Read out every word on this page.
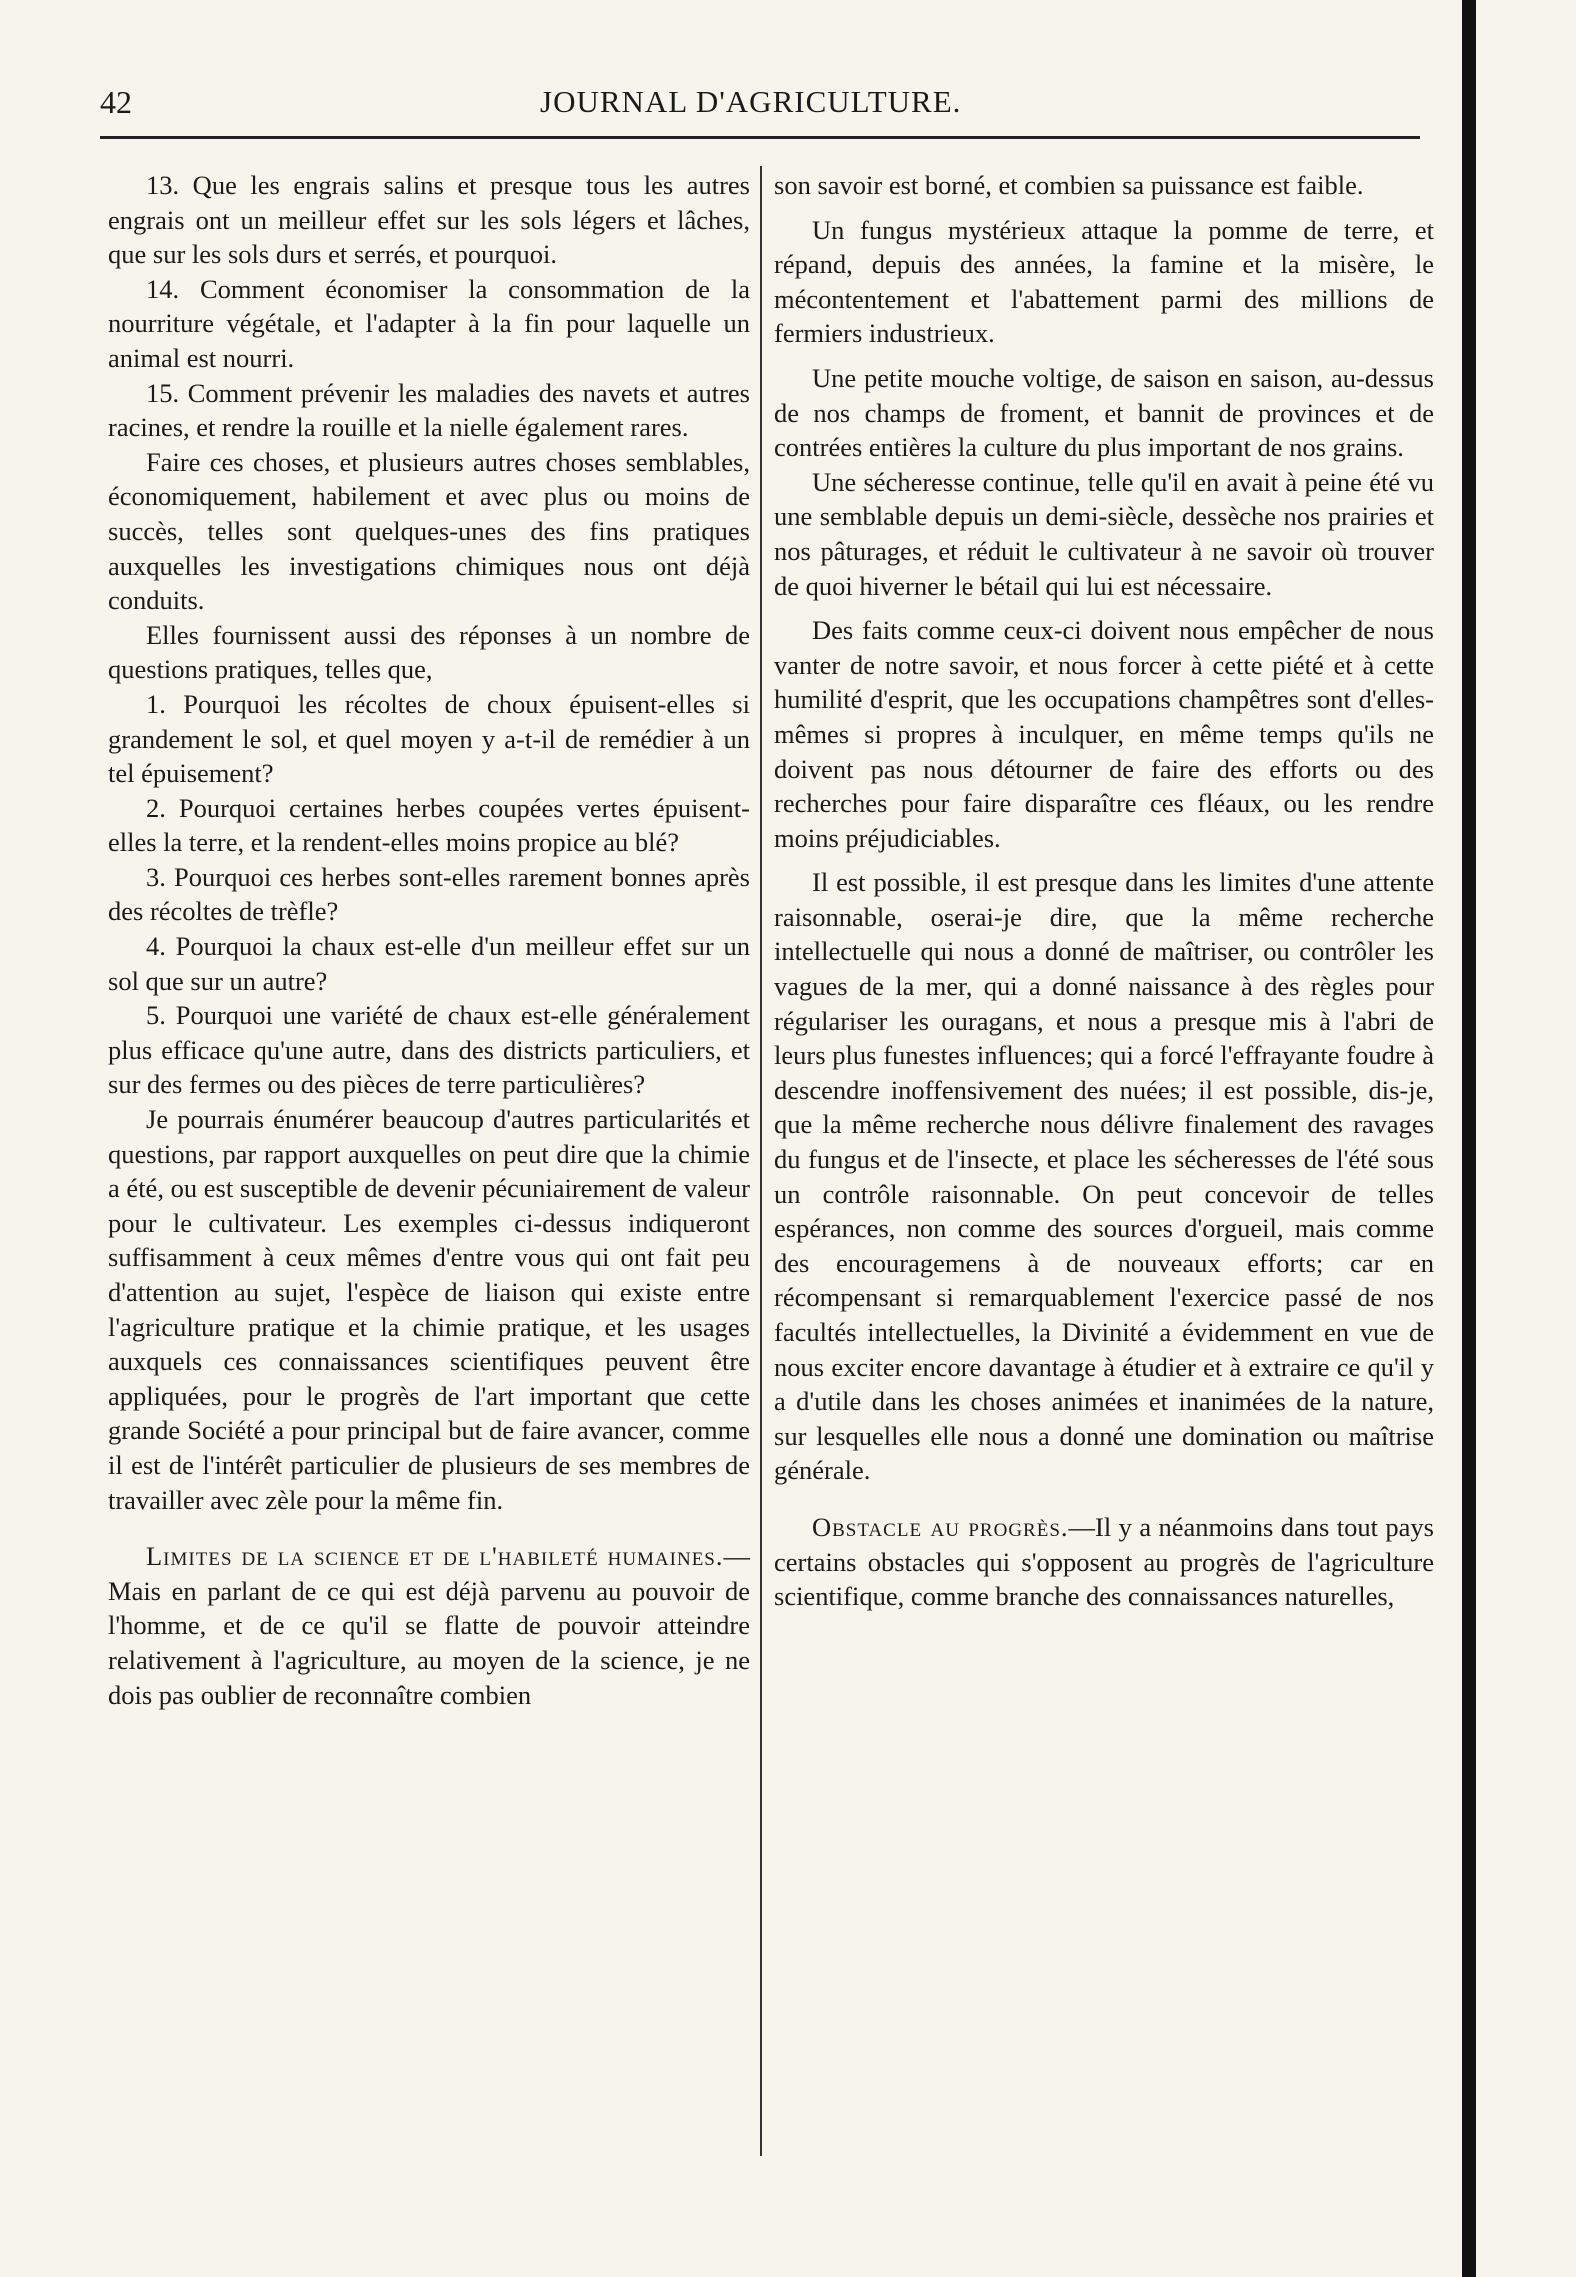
42	JOURNAL D'AGRICULTURE.

13. Que les engrais salins et presque tous les autres engrais ont un meilleur effet sur les sols légers et lâches, que sur les sols durs et serrés, et pourquoi.

14. Comment économiser la consommation de la nourriture végétale, et l'adapter à la fin pour laquelle un animal est nourri.

15. Comment prévenir les maladies des navets et autres racines, et rendre la rouille et la nielle également rares.

Faire ces choses, et plusieurs autres choses semblables, économiquement, habilement et avec plus ou moins de succès, telles sont quelques-unes des fins pratiques auxquelles les investigations chimiques nous ont déjà conduits.

Elles fournissent aussi des réponses à un nombre de questions pratiques, telles que,

1. Pourquoi les récoltes de choux épuisent-elles si grandement le sol, et quel moyen y a-t-il de remédier à un tel épuisement?

2. Pourquoi certaines herbes coupées vertes épuisent-elles la terre, et la rendent-elles moins propice au blé?

3. Pourquoi ces herbes sont-elles rarement bonnes après des récoltes de trèfle?

4. Pourquoi la chaux est-elle d'un meilleur effet sur un sol que sur un autre?

5. Pourquoi une variété de chaux est-elle généralement plus efficace qu'une autre, dans des districts particuliers, et sur des fermes ou des pièces de terre particulières?

Je pourrais énumérer beaucoup d'autres particularités et questions, par rapport auxquelles on peut dire que la chimie a été, ou est susceptible de devenir pécuniairement de valeur pour le cultivateur. Les exemples ci-dessus indiqueront suffisamment à ceux mêmes d'entre vous qui ont fait peu d'attention au sujet, l'espèce de liaison qui existe entre l'agriculture pratique et la chimie pratique, et les usages auxquels ces connaissances scientifiques peuvent être appliquées, pour le progrès de l'art important que cette grande Société a pour principal but de faire avancer, comme il est de l'intérêt particulier de plusieurs de ses membres de travailler avec zèle pour la même fin.

Limites de la science et de l'habileté humaines.—Mais en parlant de ce qui est déjà parvenu au pouvoir de l'homme, et de ce qu'il se flatte de pouvoir atteindre relativement à l'agriculture, au moyen de la science, je ne dois pas oublier de reconnaître combien

son savoir est borné, et combien sa puissance est faible.

Un fungus mystérieux attaque la pomme de terre, et répand, depuis des années, la famine et la misère, le mécontentement et l'abattement parmi des millions de fermiers industrieux.

Une petite mouche voltige, de saison en saison, au-dessus de nos champs de froment, et bannit de provinces et de contrées entières la culture du plus important de nos grains.

Une sécheresse continue, telle qu'il en avait à peine été vu une semblable depuis un demi-siècle, dessèche nos prairies et nos pâturages, et réduit le cultivateur à ne savoir où trouver de quoi hiverner le bétail qui lui est nécessaire.

Des faits comme ceux-ci doivent nous empêcher de nous vanter de notre savoir, et nous forcer à cette piété et à cette humilité d'esprit, que les occupations champêtres sont d'elles-mêmes si propres à inculquer, en même temps qu'ils ne doivent pas nous détourner de faire des efforts ou des recherches pour faire disparaître ces fléaux, ou les rendre moins préjudiciables.

Il est possible, il est presque dans les limites d'une attente raisonnable, oserai-je dire, que la même recherche intellectuelle qui nous a donné de maîtriser, ou contrôler les vagues de la mer, qui a donné naissance à des règles pour régulariser les ouragans, et nous a presque mis à l'abri de leurs plus funestes influences; qui a forcé l'effrayante foudre à descendre inoffensivement des nuées; il est possible, dis-je, que la même recherche nous délivre finalement des ravages du fungus et de l'insecte, et place les sécheresses de l'été sous un contrôle raisonnable. On peut concevoir de telles espérances, non comme des sources d'orgueil, mais comme des encouragemens à de nouveaux efforts; car en récompensant si remarquablement l'exercice passé de nos facultés intellectuelles, la Divinité a évidemment en vue de nous exciter encore davantage à étudier et à extraire ce qu'il y a d'utile dans les choses animées et inanimées de la nature, sur lesquelles elle nous a donné une domination ou maîtrise générale.

Obstacle au progrès.—Il y a néanmoins dans tout pays certains obstacles qui s'opposent au progrès de l'agriculture scientifique, comme branche des connaissances naturelles,
